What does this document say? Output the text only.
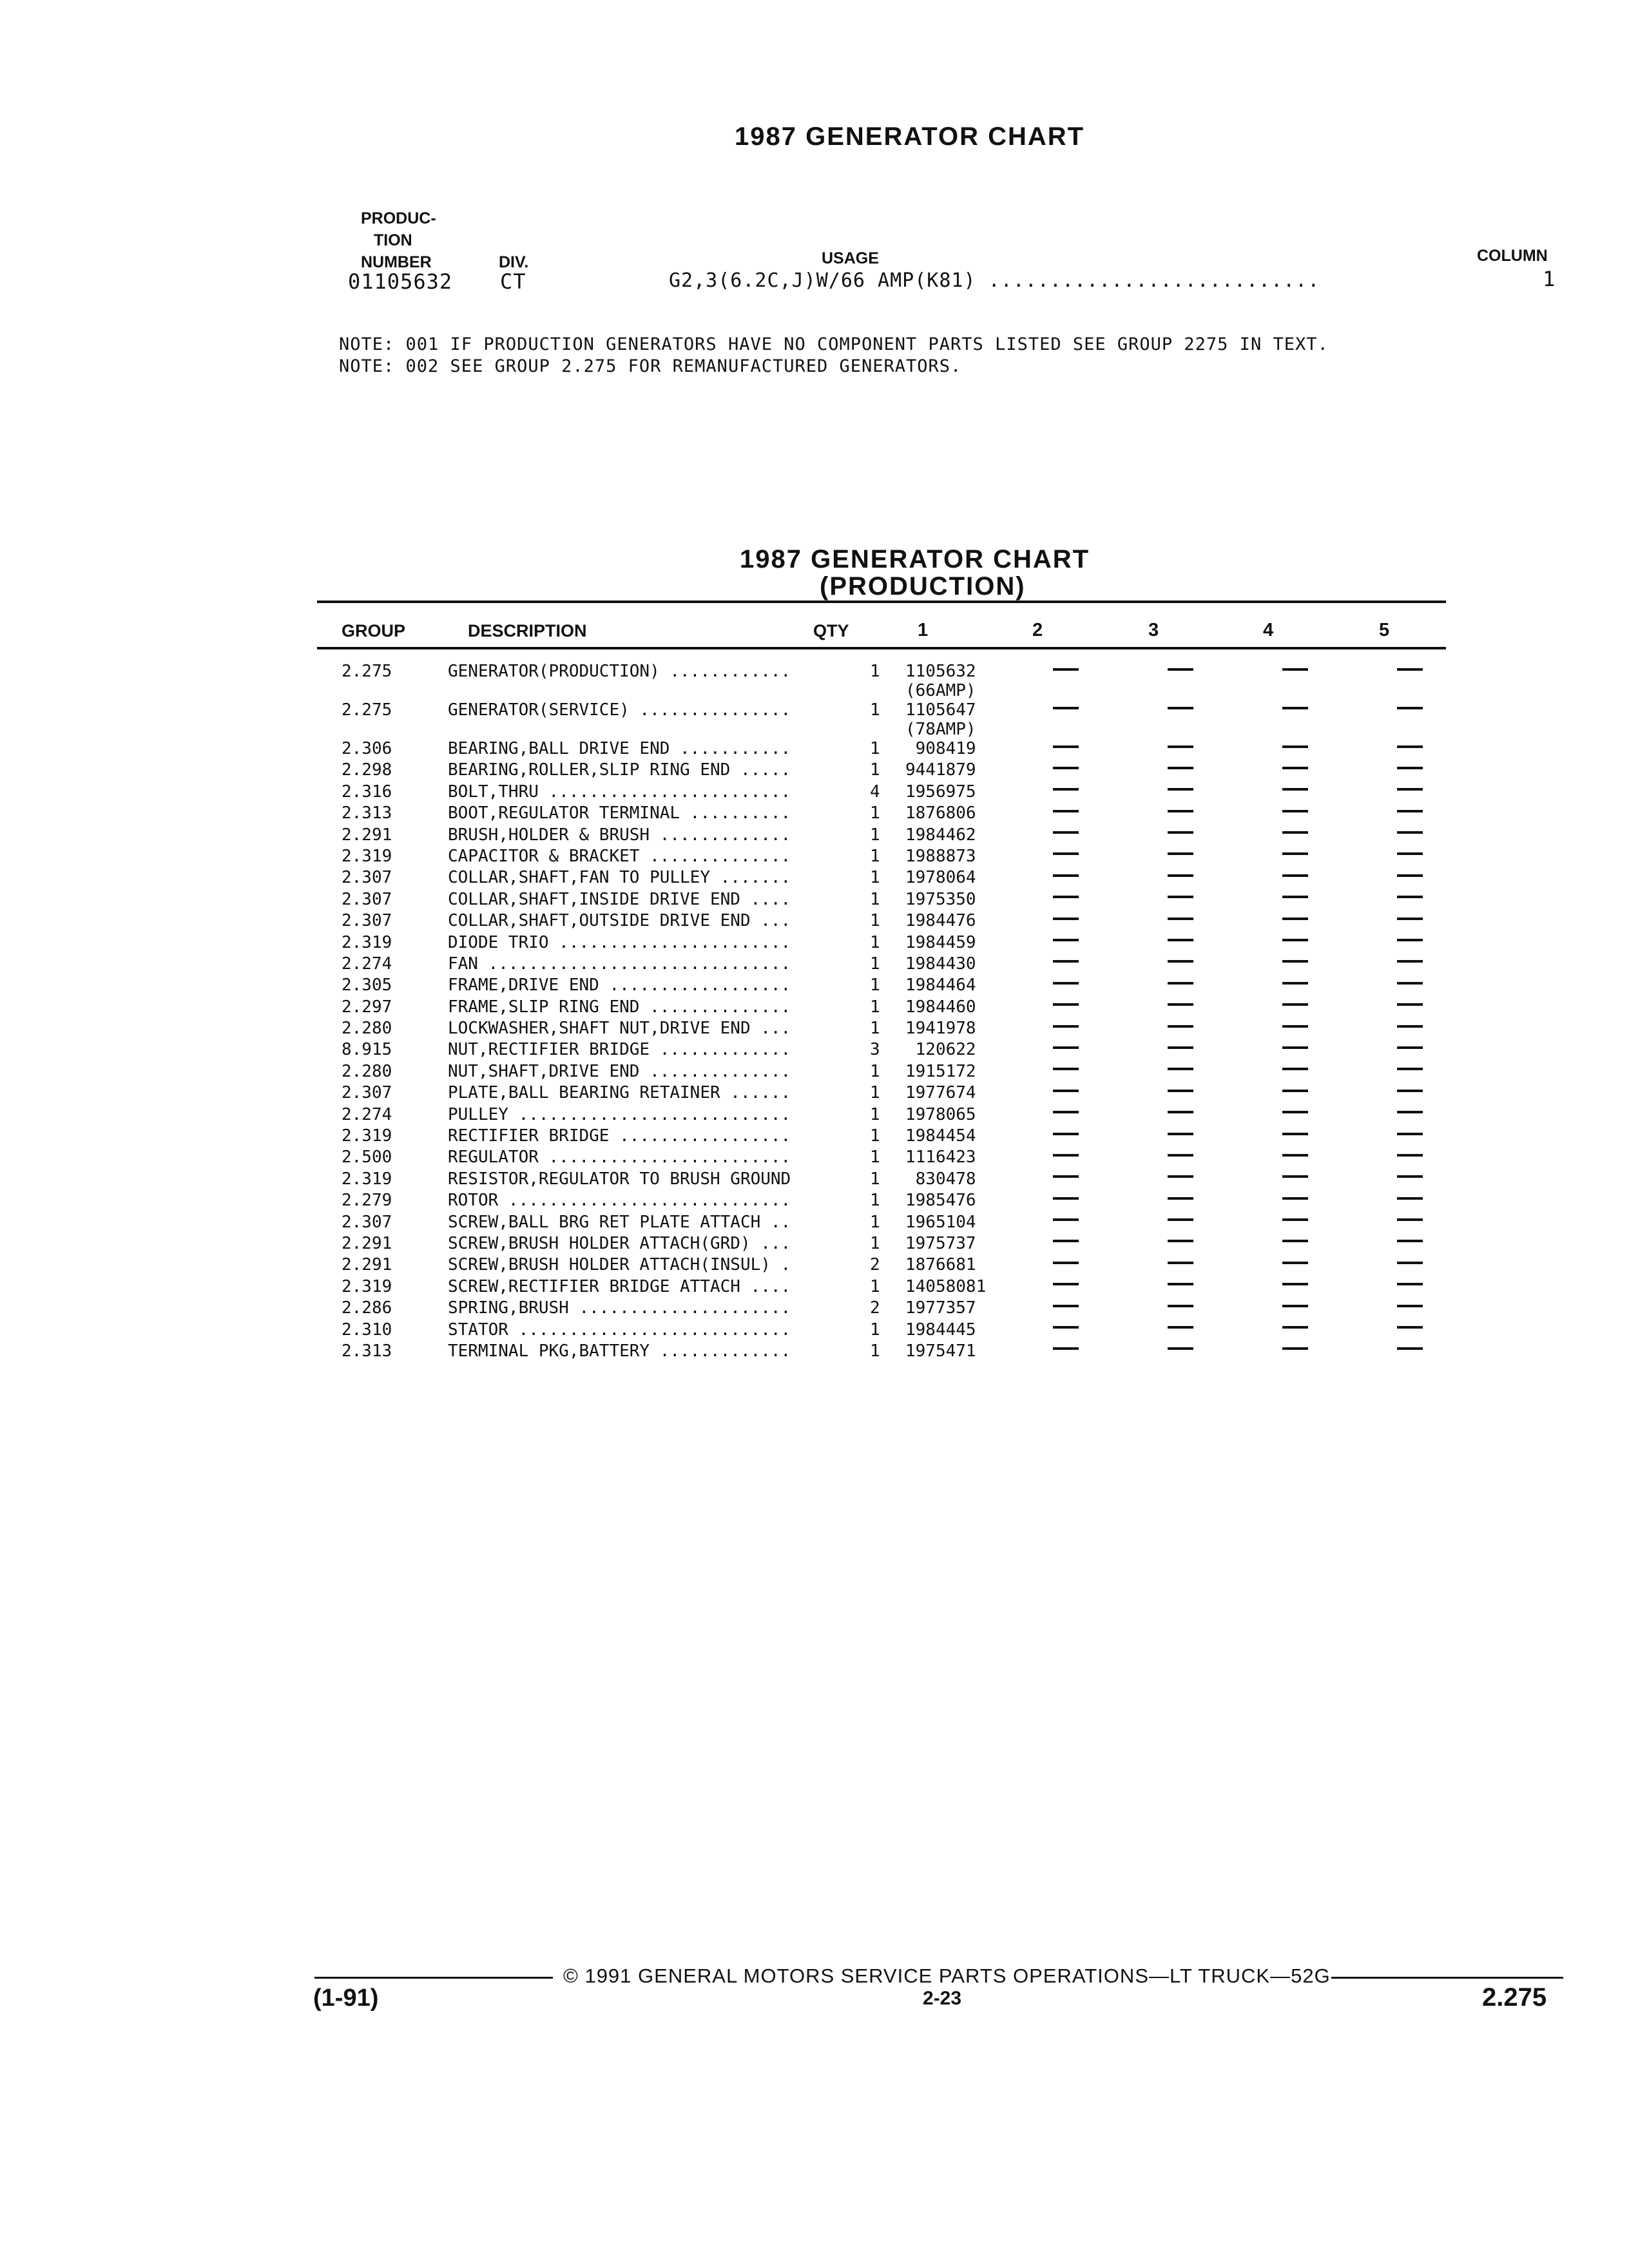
1987 GENERATOR CHART
PRODUC-
TION
NUMBER	DIV.	USAGE	COLUMN
01105632 CT	G2,3(6.2C,J)W/66 AMP(K81) ...........................	1
NOTE: 001 IF PRODUCTION GENERATORS HAVE NO COMPONENT PARTS LISTED SEE GROUP 2275 IN TEXT.
NOTE: 002 SEE GROUP 2.275 FOR REMANUFACTURED GENERATORS.
1987 GENERATOR CHART
(PRODUCTION)
GROUP	DESCRIPTION	QTY	1	2	3	4	5
2.275	GENERATOR(PRODUCTION) ............	1	1105632
(66AMP)				

2.275	GENERATOR(SERVICE) ...............	1	1105647
(78AMP)				

2.306	BEARING,BALL DRIVE END ...........	1	908419				
2.298	BEARING,ROLLER,SLIP RING END .....	1	9441879				
2.316	BOLT,THRU ........................	4	1956975				
2.313	BOOT,REGULATOR TERMINAL ..........	1	1876806				
2.291	BRUSH,HOLDER & BRUSH .............	1	1984462				
2.319	CAPACITOR & BRACKET ..............	1	1988873				
2.307	COLLAR,SHAFT,FAN TO PULLEY .......	1	1978064				
2.307	COLLAR,SHAFT,INSIDE DRIVE END ....	1	1975350				
2.307	COLLAR,SHAFT,OUTSIDE DRIVE END ...	1	1984476				
2.319	DIODE TRIO .......................	1	1984459				
2.274	FAN ..............................	1	1984430				
2.305	FRAME,DRIVE END ..................	1	1984464				
2.297	FRAME,SLIP RING END ..............	1	1984460				
2.280	LOCKWASHER,SHAFT NUT,DRIVE END ...	1	1941978				
8.915	NUT,RECTIFIER BRIDGE .............	3	120622				
2.280	NUT,SHAFT,DRIVE END ..............	1	1915172				
2.307	PLATE,BALL BEARING RETAINER ......	1	1977674				
2.274	PULLEY ...........................	1	1978065				
2.319	RECTIFIER BRIDGE .................	1	1984454				
2.500	REGULATOR ........................	1	1116423				
2.319	RESISTOR,REGULATOR TO BRUSH GROUND	1	830478				
2.279	ROTOR ............................	1	1985476				
2.307	SCREW,BALL BRG RET PLATE ATTACH ..	1	1965104				
2.291	SCREW,BRUSH HOLDER ATTACH(GRD) ...	1	1975737				
2.291	SCREW,BRUSH HOLDER ATTACH(INSUL) .	2	1876681				
2.319	SCREW,RECTIFIER BRIDGE ATTACH ....	1	14058081				
2.286	SPRING,BRUSH .....................	2	1977357				
2.310	STATOR ...........................	1	1984445				
2.313	TERMINAL PKG,BATTERY .............	1	1975471				
© 1991 GENERAL MOTORS SERVICE PARTS OPERATIONS—LT TRUCK—52G
(1-91)	2-23	2.275
